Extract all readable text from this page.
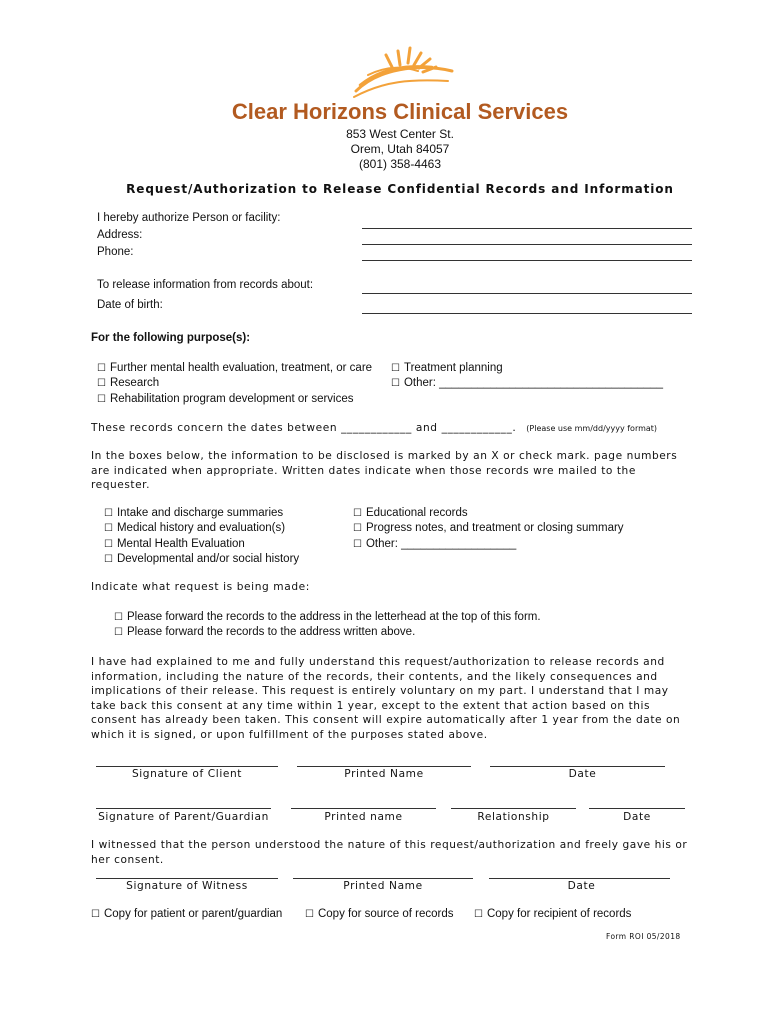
Clear Horizons Clinical Services
853 West Center St.
Orem, Utah 84057
(801) 358-4463
Request/Authorization to Release Confidential Records and Information
I hereby authorize Person or facility:
Address:
Phone:
To release information from records about:
Date of birth:
For the following purpose(s):
☐ Further mental health evaluation, treatment, or care
☐ Research
☐ Rehabilitation program development or services
☐ Treatment planning
☐ Other: ___________________________________
These records concern the dates between ____________ and ____________. (Please use mm/dd/yyyy format)
In the boxes below, the information to be disclosed is marked by an X or check mark. page numbers are indicated when appropriate. Written dates indicate when those records wre mailed to the requester.
☐ Intake and discharge summaries
☐ Medical history and evaluation(s)
☐ Mental Health Evaluation
☐ Developmental and/or social history
☐ Educational records
☐ Progress notes, and treatment or closing summary
☐ Other: __________________
Indicate what request is being made:
☐ Please forward the records to the address in the letterhead at the top of this form.
☐ Please forward the records to the address written above.
I have had explained to me and fully understand this request/authorization to release records and information, including the nature of the records, their contents, and the likely consequences and implications of their release. This request is entirely voluntary on my part. I understand that I may take back this consent at any time within 1 year, except to the extent that action based on this consent has already been taken. This consent will expire automatically after 1 year from the date on which it is signed, or upon fulfillment of the purposes stated above.
Signature of Client	Printed Name	Date
Signature of Parent/Guardian	Printed name	Relationship	Date
I witnessed that the person understood the nature of this request/authorization and freely gave his or her consent.
Signature of Witness	Printed Name	Date
☐ Copy for patient or parent/guardian ☐ Copy for source of records ☐ Copy for recipient of records
Form ROI 05/2018
